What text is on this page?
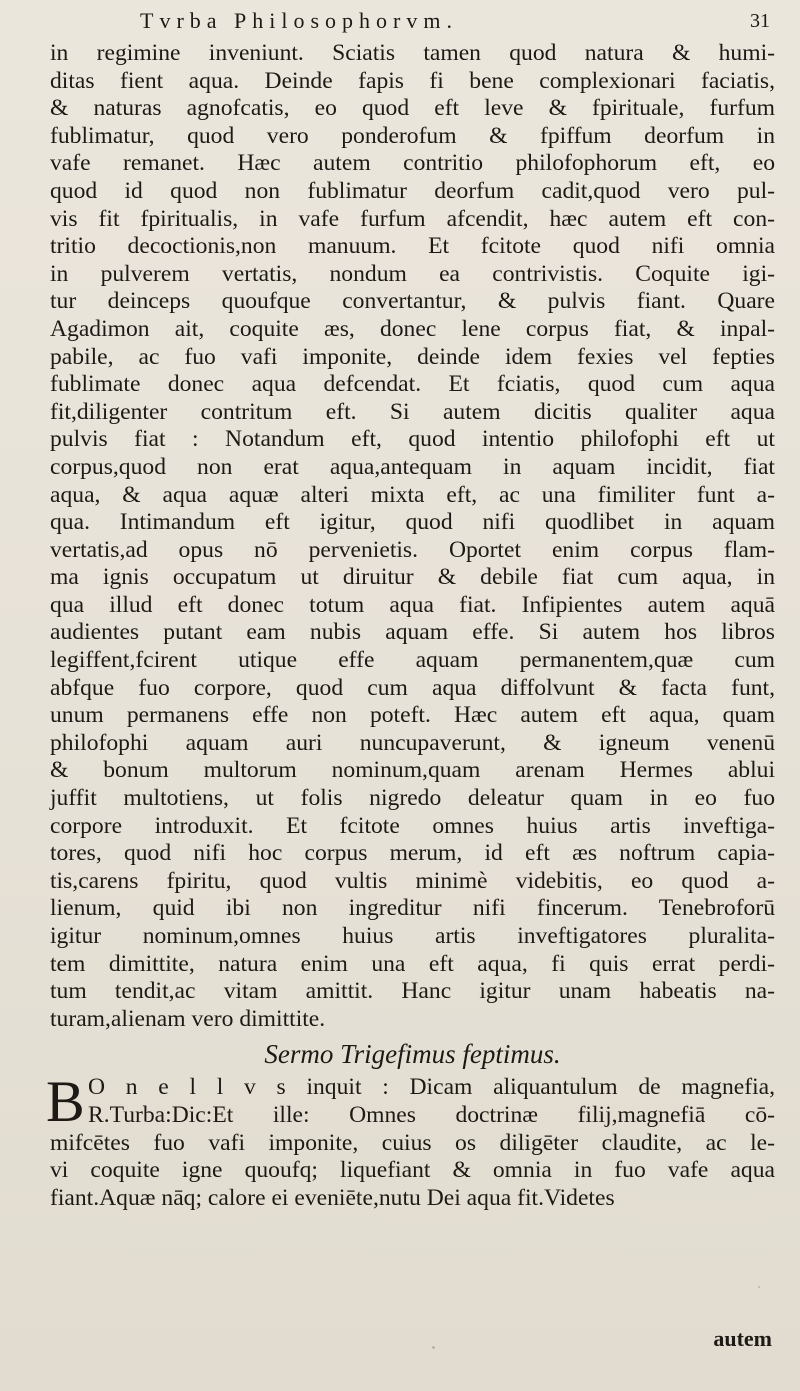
Tvrba Philosophorvm.	31
in regimine inveniunt. Sciatis tamen quod natura & humi-
ditas fient aqua. Deinde fapis fi bene complexionari faciatis,
& naturas agnofcatis, eo quod eft leve & fpirituale, furfum
fublimatur, quod vero ponderofum & fpiffum deorfum in
vafe remanet. Hæc autem contritio philofophorum eft, eo
quod id quod non fublimatur deorfum cadit,quod vero pul-
vis fit fpiritualis, in vafe furfum afcendit, hæc autem eft con-
tritio decoctionis,non manuum. Et fcitote quod nifi omnia
in pulverem vertatis, nondum ea contrivistis. Coquite igi-
tur deinceps quoufque convertantur, & pulvis fiant. Quare
Agadimon ait, coquite æs, donec lene corpus fiat, & inpal-
pabile, ac fuo vafi imponite, deinde idem fexies vel fepties
fublimate donec aqua defcendat. Et fciatis, quod cum aqua
fit,diligenter contritum eft. Si autem dicitis qualiter aqua
pulvis fiat : Notandum eft, quod intentio philofophi eft ut
corpus,quod non erat aqua,antequam in aquam incidit, fiat
aqua, & aqua aquæ alteri mixta eft, ac una fimiliter funt a-
qua. Intimandum eft igitur, quod nifi quodlibet in aquam
vertatis,ad opus nō pervenietis. Oportet enim corpus flam-
ma ignis occupatum ut diruitur & debile fiat cum aqua, in
qua illud eft donec totum aqua fiat. Infipientes autem aquā
audientes putant eam nubis aquam effe. Si autem hos libros
legiffent,fcirent utique effe aquam permanentem,quæ cum
abfque fuo corpore, quod cum aqua diffolvunt & facta funt,
unum permanens effe non poteft. Hæc autem eft aqua, quam
philofophi aquam auri nuncupaverunt, & igneum venenū
& bonum multorum nominum,quam arenam Hermes ablui
juffit multotiens, ut folis nigredo deleatur quam in eo fuo
corpore introduxit. Et fcitote omnes huius artis inveftiga-
tores, quod nifi hoc corpus merum, id eft æs noftrum capia-
tis,carens fpiritu, quod vultis minimè videbitis, eo quod a-
lienum, quid ibi non ingreditur nifi fincerum. Tenebroforū
igitur nominum,omnes huius artis inveftigatores pluralita-
tem dimittite, natura enim una eft aqua, fi quis errat perdi-
tum tendit,ac vitam amittit. Hanc igitur unam habeatis na-
turam,alienam vero dimittite.
Sermo Trigefimus feptimus.
B O n e l l v s inquit : Dicam aliquantulum de magnefia,
R.Turba:Dic:Et ille: Omnes doctrinæ filij,magnefiā cō-
mifcētes fuo vafi imponite, cuius os diligēter claudite, ac le-
vi coquite igne quoufq; liquefiant & omnia in fuo vafe aqua
fiant.Aquæ nāq; calore ei eveniēte,nutu Dei aqua fit.Videtes
autem
